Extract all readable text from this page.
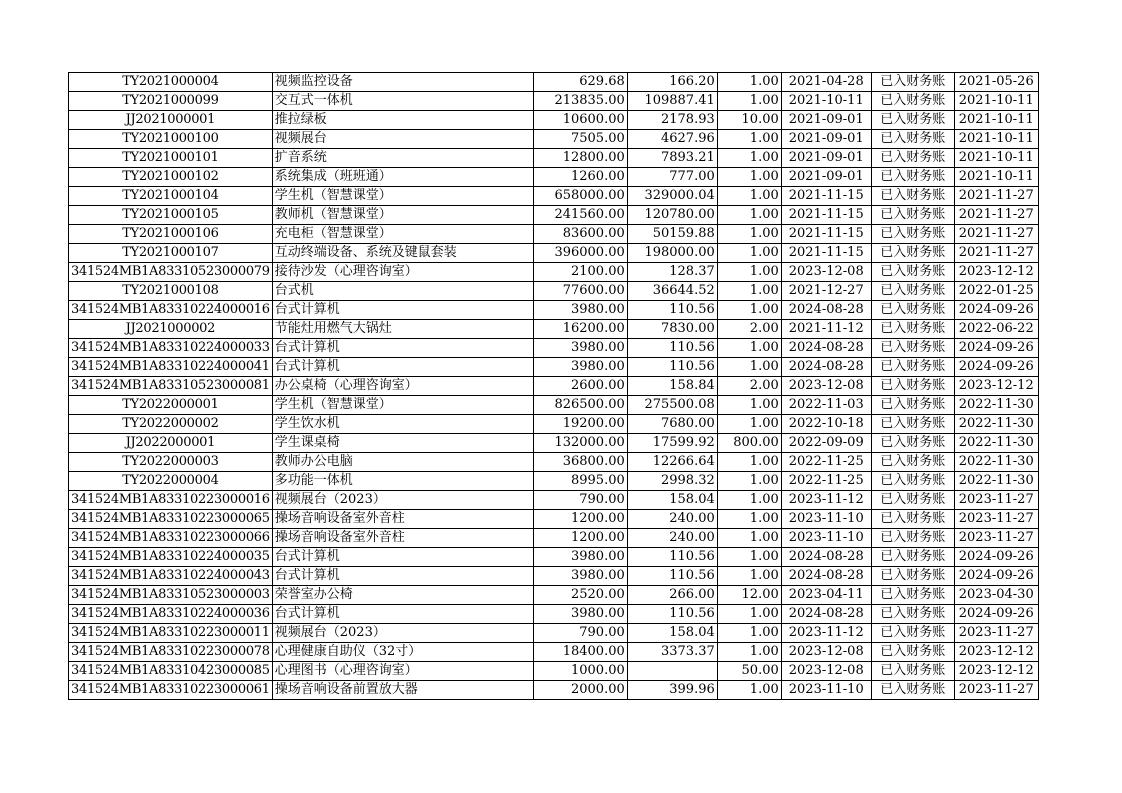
TY2021000004	视频监控设备	629.68	166.20	1.00	2021-04-28	已入财务账	2021-05-26
TY2021000099	交互式一体机	213835.00	109887.41	1.00	2021-10-11	已入财务账	2021-10-11
JJ2021000001	推拉绿板	10600.00	2178.93	10.00	2021-09-01	已入财务账	2021-10-11
TY2021000100	视频展台	7505.00	4627.96	1.00	2021-09-01	已入财务账	2021-10-11
TY2021000101	扩音系统	12800.00	7893.21	1.00	2021-09-01	已入财务账	2021-10-11
TY2021000102	系统集成（班班通）	1260.00	777.00	1.00	2021-09-01	已入财务账	2021-10-11
TY2021000104	学生机（智慧课堂）	658000.00	329000.04	1.00	2021-11-15	已入财务账	2021-11-27
TY2021000105	教师机（智慧课堂）	241560.00	120780.00	1.00	2021-11-15	已入财务账	2021-11-27
TY2021000106	充电柜（智慧课堂）	83600.00	50159.88	1.00	2021-11-15	已入财务账	2021-11-27
TY2021000107	互动终端设备、系统及键鼠套装	396000.00	198000.00	1.00	2021-11-15	已入财务账	2021-11-27
341524MB1A83310523000079	接待沙发（心理咨询室）	2100.00	128.37	1.00	2023-12-08	已入财务账	2023-12-12
TY2021000108	台式机	77600.00	36644.52	1.00	2021-12-27	已入财务账	2022-01-25
341524MB1A83310224000016	台式计算机	3980.00	110.56	1.00	2024-08-28	已入财务账	2024-09-26
JJ2021000002	节能灶用燃气大锅灶	16200.00	7830.00	2.00	2021-11-12	已入财务账	2022-06-22
341524MB1A83310224000033	台式计算机	3980.00	110.56	1.00	2024-08-28	已入财务账	2024-09-26
341524MB1A83310224000041	台式计算机	3980.00	110.56	1.00	2024-08-28	已入财务账	2024-09-26
341524MB1A83310523000081	办公桌椅（心理咨询室）	2600.00	158.84	2.00	2023-12-08	已入财务账	2023-12-12
TY2022000001	学生机（智慧课堂）	826500.00	275500.08	1.00	2022-11-03	已入财务账	2022-11-30
TY2022000002	学生饮水机	19200.00	7680.00	1.00	2022-10-18	已入财务账	2022-11-30
JJ2022000001	学生课桌椅	132000.00	17599.92	800.00	2022-09-09	已入财务账	2022-11-30
TY2022000003	教师办公电脑	36800.00	12266.64	1.00	2022-11-25	已入财务账	2022-11-30
TY2022000004	多功能一体机	8995.00	2998.32	1.00	2022-11-25	已入财务账	2022-11-30
341524MB1A83310223000016	视频展台（2023）	790.00	158.04	1.00	2023-11-12	已入财务账	2023-11-27
341524MB1A83310223000065	操场音响设备室外音柱	1200.00	240.00	1.00	2023-11-10	已入财务账	2023-11-27
341524MB1A83310223000066	操场音响设备室外音柱	1200.00	240.00	1.00	2023-11-10	已入财务账	2023-11-27
341524MB1A83310224000035	台式计算机	3980.00	110.56	1.00	2024-08-28	已入财务账	2024-09-26
341524MB1A83310224000043	台式计算机	3980.00	110.56	1.00	2024-08-28	已入财务账	2024-09-26
341524MB1A83310523000003	荣誉室办公椅	2520.00	266.00	12.00	2023-04-11	已入财务账	2023-04-30
341524MB1A83310224000036	台式计算机	3980.00	110.56	1.00	2024-08-28	已入财务账	2024-09-26
341524MB1A83310223000011	视频展台（2023）	790.00	158.04	1.00	2023-11-12	已入财务账	2023-11-27
341524MB1A83310223000078	心理健康自助仪（32寸）	18400.00	3373.37	1.00	2023-12-08	已入财务账	2023-12-12
341524MB1A83310423000085	心理图书（心理咨询室）	1000.00		50.00	2023-12-08	已入财务账	2023-12-12
341524MB1A83310223000061	操场音响设备前置放大器	2000.00	399.96	1.00	2023-11-10	已入财务账	2023-11-27
